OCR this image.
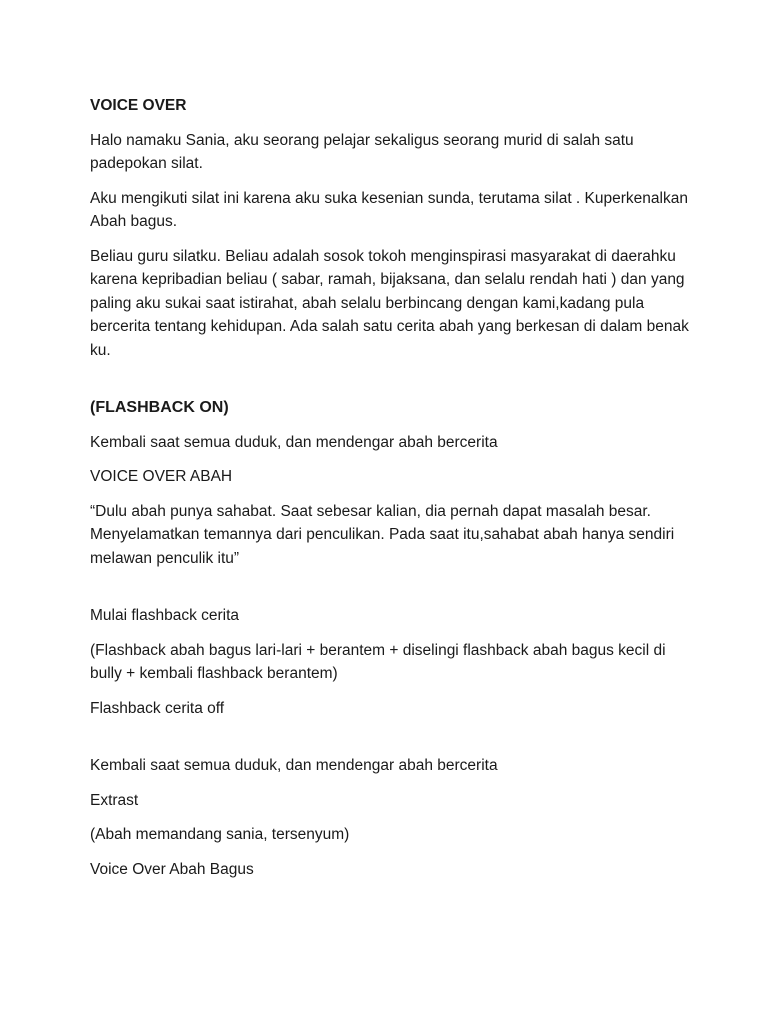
VOICE OVER

Halo namaku Sania, aku seorang pelajar sekaligus seorang murid di salah satu padepokan silat.

Aku mengikuti silat ini karena aku suka kesenian sunda, terutama silat . Kuperkenalkan Abah bagus.

Beliau guru silatku. Beliau adalah sosok tokoh menginspirasi masyarakat di daerahku karena kepribadian beliau ( sabar, ramah, bijaksana, dan selalu rendah hati ) dan yang paling aku sukai saat istirahat, abah selalu berbincang dengan kami,kadang pula bercerita tentang kehidupan. Ada salah satu cerita abah yang berkesan di dalam benak ku.

(FLASHBACK ON)

Kembali saat semua duduk, dan mendengar abah bercerita

VOICE OVER ABAH

“Dulu abah punya sahabat. Saat sebesar kalian, dia pernah dapat masalah besar. Menyelamatkan temannya dari penculikan. Pada saat itu,sahabat abah hanya sendiri melawan penculik itu”

Mulai flashback cerita

(Flashback abah bagus lari-lari + berantem + diselingi flashback abah bagus kecil di bully + kembali flashback berantem)

Flashback cerita off

Kembali saat semua duduk, dan mendengar abah bercerita

Extrast

(Abah memandang sania, tersenyum)

Voice Over Abah Bagus
